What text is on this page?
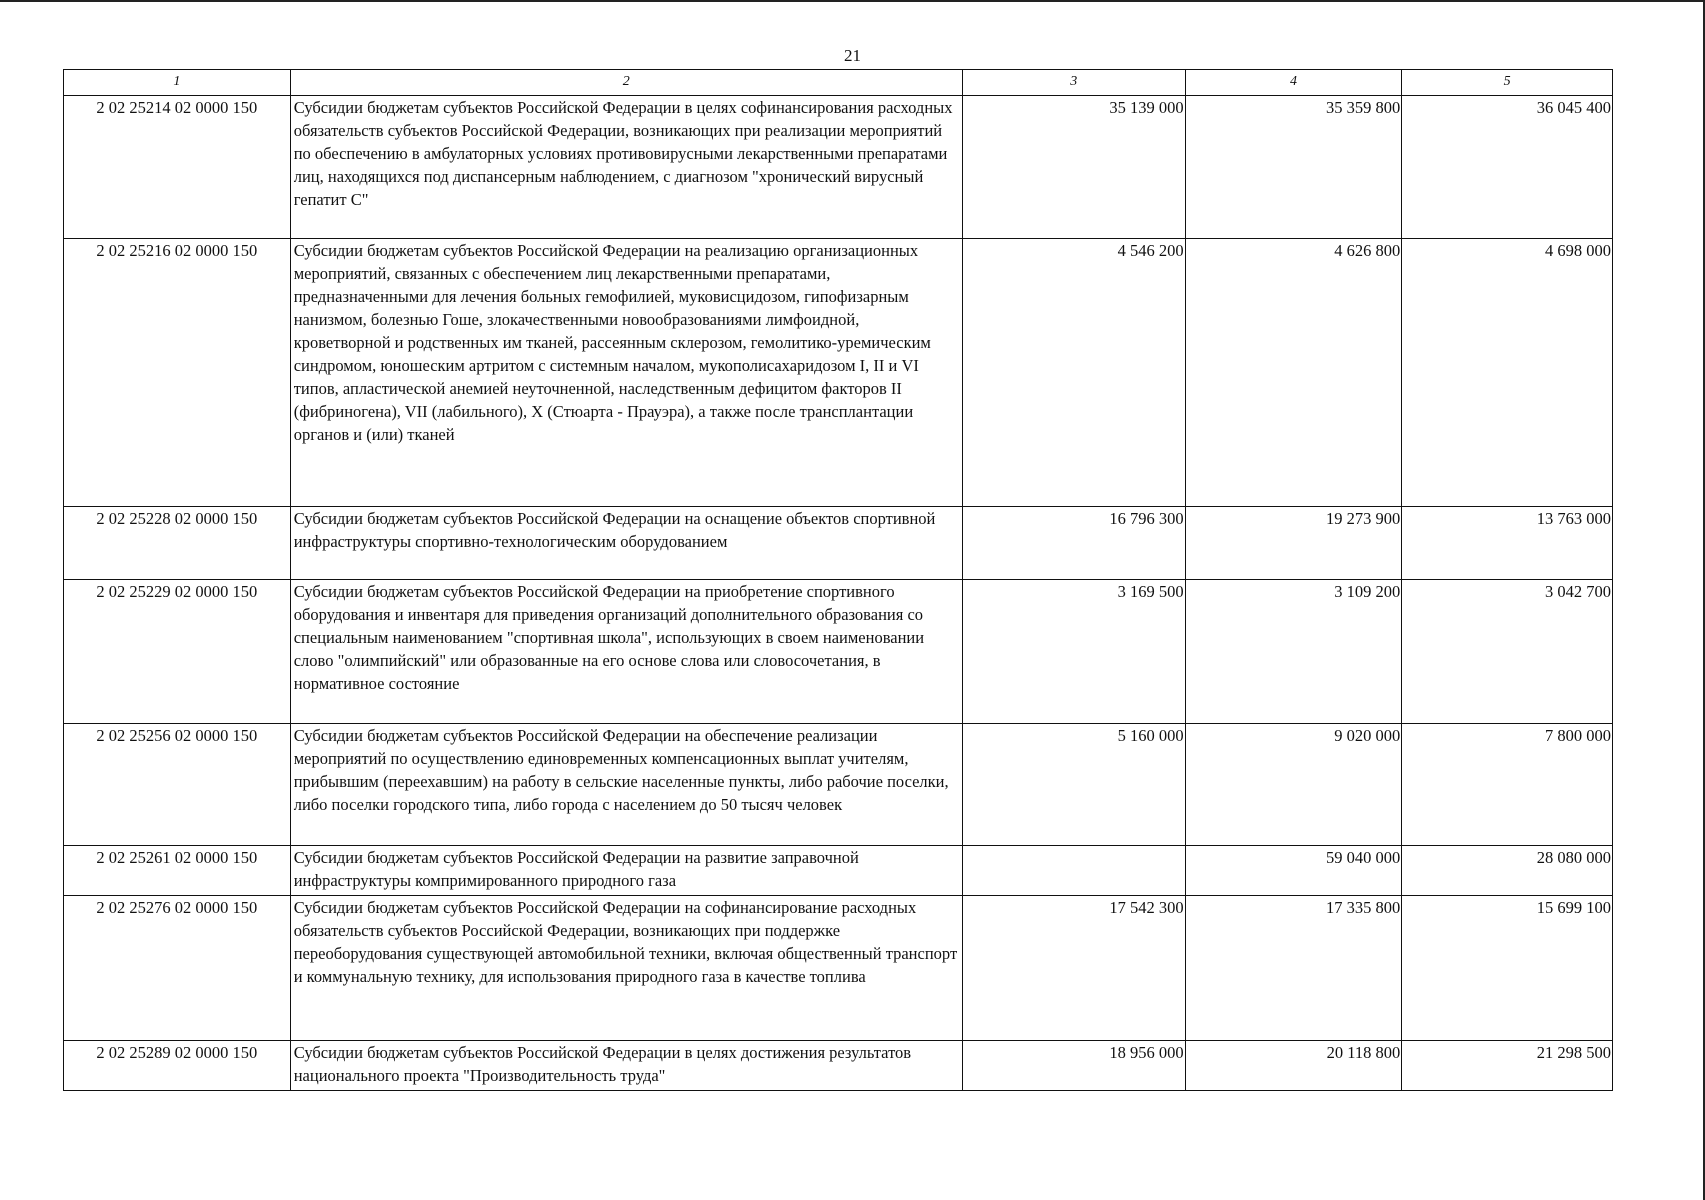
21
1	2	3	4	5
2 02 25214 02 0000 150	Субсидии бюджетам субъектов Российской Федерации в целях софинансирования расходных обязательств субъектов Российской Федерации, возникающих при реализации мероприятий по обеспечению в амбулаторных условиях противовирусными лекарственными препаратами лиц, находящихся под диспансерным наблюдением, с диагнозом "хронический вирусный гепатит С"	35 139 000	35 359 800	36 045 400
2 02 25216 02 0000 150	Субсидии бюджетам субъектов Российской Федерации на реализацию организационных мероприятий, связанных с обеспечением лиц лекарственными препаратами, предназначенными для лечения больных гемофилией, муковисцидозом, гипофизарным нанизмом, болезнью Гоше, злокачественными новообразованиями лимфоидной, кроветворной и родственных им тканей, рассеянным склерозом, гемолитико-уремическим синдромом, юношеским артритом с системным началом, мукополисахаридозом I, II и VI типов, апластической анемией неуточненной, наследственным дефицитом факторов II (фибриногена), VII (лабильного), X (Стюарта - Прауэра), а также после трансплантации органов и (или) тканей	4 546 200	4 626 800	4 698 000
2 02 25228 02 0000 150	Субсидии бюджетам субъектов Российской Федерации на оснащение объектов спортивной инфраструктуры спортивно-технологическим оборудованием	16 796 300	19 273 900	13 763 000
2 02 25229 02 0000 150	Субсидии бюджетам субъектов Российской Федерации на приобретение спортивного оборудования и инвентаря для приведения организаций дополнительного образования со специальным наименованием "спортивная школа", использующих в своем наименовании слово "олимпийский" или образованные на его основе слова или словосочетания, в нормативное состояние	3 169 500	3 109 200	3 042 700
2 02 25256 02 0000 150	Субсидии бюджетам субъектов Российской Федерации на обеспечение реализации мероприятий по осуществлению единовременных компенсационных выплат учителям, прибывшим (переехавшим) на работу в сельские населенные пункты, либо рабочие поселки, либо поселки городского типа, либо города с населением до 50 тысяч человек	5 160 000	9 020 000	7 800 000
2 02 25261 02 0000 150	Субсидии бюджетам субъектов Российской Федерации на развитие заправочной инфраструктуры компримированного природного газа		59 040 000	28 080 000
2 02 25276 02 0000 150	Субсидии бюджетам субъектов Российской Федерации на софинансирование расходных обязательств субъектов Российской Федерации, возникающих при поддержке переоборудования существующей автомобильной техники, включая общественный транспорт и коммунальную технику, для использования природного газа в качестве топлива	17 542 300	17 335 800	15 699 100
2 02 25289 02 0000 150	Субсидии бюджетам субъектов Российской Федерации в целях достижения результатов национального проекта "Производительность труда"	18 956 000	20 118 800	21 298 500
